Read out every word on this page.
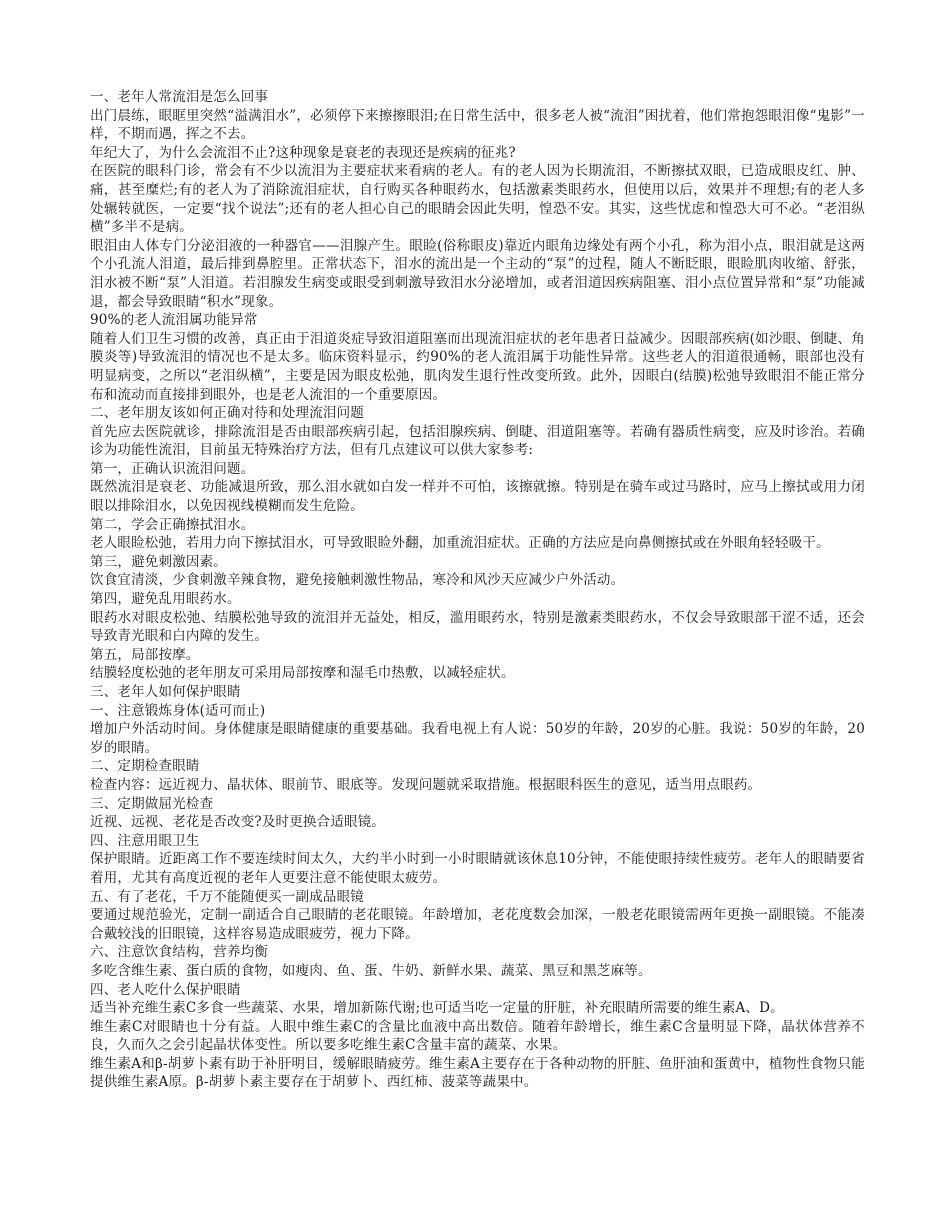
一、老年人常流泪是怎么回事

出门晨练，眼眶里突然“溢满泪水”，必须停下来擦擦眼泪;在日常生活中，很多老人被“流泪”困扰着，他们常抱怨眼泪像“鬼影”一样，不期而遇，挥之不去。

年纪大了，为什么会流泪不止?这种现象是衰老的表现还是疾病的征兆?

在医院的眼科门诊，常会有不少以流泪为主要症状来看病的老人。有的老人因为长期流泪，不断擦拭双眼，已造成眼皮红、肿、痛，甚至糜烂;有的老人为了消除流泪症状，自行购买各种眼药水，包括激素类眼药水，但使用以后，效果并不理想;有的老人多处辗转就医，一定要“找个说法”;还有的老人担心自己的眼睛会因此失明，惶恐不安。其实，这些忧虑和惶恐大可不必。“老泪纵横”多半不是病。

眼泪由人体专门分泌泪液的一种器官——泪腺产生。眼睑(俗称眼皮)靠近内眼角边缘处有两个小孔，称为泪小点，眼泪就是这两个小孔流人泪道，最后排到鼻腔里。正常状态下，泪水的流出是一个主动的“泵”的过程，随人不断眨眼，眼睑肌肉收缩、舒张，泪水被不断“泵”人泪道。若泪腺发生病变或眼受到刺激导致泪水分泌增加，或者泪道因疾病阻塞、泪小点位置异常和“泵”功能减退，都会导致眼睛“积水”现象。

90%的老人流泪属功能异常

随着人们卫生习惯的改善，真正由于泪道炎症导致泪道阻塞而出现流泪症状的老年患者日益减少。因眼部疾病(如沙眼、倒睫、角膜炎等)导致流泪的情况也不是太多。临床资料显示，约90%的老人流泪属于功能性异常。这些老人的泪道很通畅，眼部也没有明显病变，之所以“老泪纵横”，主要是因为眼皮松弛，肌肉发生退行性改变所致。此外，因眼白(结膜)松弛导致眼泪不能正常分布和流动而直接排到眼外，也是老人流泪的一个重要原因。

二、老年朋友该如何正确对待和处理流泪问题

首先应去医院就诊，排除流泪是否由眼部疾病引起，包括泪腺疾病、倒睫、泪道阻塞等。若确有器质性病变，应及时诊治。若确诊为功能性流泪，目前虽无特殊治疗方法，但有几点建议可以供大家参考:

第一，正确认识流泪问题。

既然流泪是衰老、功能减退所致，那么泪水就如白发一样并不可怕，该擦就擦。特别是在骑车或过马路时，应马上擦拭或用力闭眼以排除泪水，以免因视线模糊而发生危险。

第二，学会正确擦拭泪水。

老人眼睑松弛，若用力向下擦拭泪水，可导致眼睑外翻，加重流泪症状。正确的方法应是向鼻侧擦拭或在外眼角轻轻吸干。

第三，避免刺激因素。

饮食宜清淡，少食刺激辛辣食物，避免接触刺激性物品，寒冷和风沙天应减少户外活动。

第四，避免乱用眼药水。

眼药水对眼皮松弛、结膜松弛导致的流泪并无益处，相反，滥用眼药水，特别是激素类眼药水，不仅会导致眼部干涩不适，还会导致青光眼和白内障的发生。

第五，局部按摩。

结膜轻度松弛的老年朋友可采用局部按摩和湿毛巾热敷，以减轻症状。

三、老年人如何保护眼睛

一、注意锻炼身体(适可而止)

增加户外活动时间。身体健康是眼睛健康的重要基础。我看电视上有人说：50岁的年龄，20岁的心脏。我说：50岁的年龄，20岁的眼睛。

二、定期检查眼睛

检查内容：远近视力、晶状体、眼前节、眼底等。发现问题就采取措施。根据眼科医生的意见，适当用点眼药。

三、定期做屈光检查

近视、远视、老花是否改变?及时更换合适眼镜。

四、注意用眼卫生

保护眼睛。近距离工作不要连续时间太久，大约半小时到一小时眼睛就该休息10分钟，不能使眼持续性疲劳。老年人的眼睛要省着用，尤其有高度近视的老年人更要注意不能使眼太疲劳。

五、有了老花，千万不能随便买一副成品眼镜

要通过规范验光，定制一副适合自己眼睛的老花眼镜。年龄增加，老花度数会加深，一般老花眼镜需两年更换一副眼镜。不能凑合戴较浅的旧眼镜，这样容易造成眼疲劳，视力下降。

六、注意饮食结构，营养均衡

多吃含维生素、蛋白质的食物，如瘦肉、鱼、蛋、牛奶、新鲜水果、蔬菜、黑豆和黑芝麻等。

四、老人吃什么保护眼睛

适当补充维生素C多食一些蔬菜、水果，增加新陈代谢;也可适当吃一定量的肝脏，补充眼睛所需要的维生素A、D。

维生素C对眼睛也十分有益。人眼中维生素C的含量比血液中高出数倍。随着年龄增长，维生素C含量明显下降，晶状体营养不良，久而久之会引起晶状体变性。所以要多吃维生素C含量丰富的蔬菜、水果。

维生素A和β-胡萝卜素有助于补肝明目，缓解眼睛疲劳。维生素A主要存在于各种动物的肝脏、鱼肝油和蛋黄中，植物性食物只能提供维生素A原。β-胡萝卜素主要存在于胡萝卜、西红柿、菠菜等蔬果中。
